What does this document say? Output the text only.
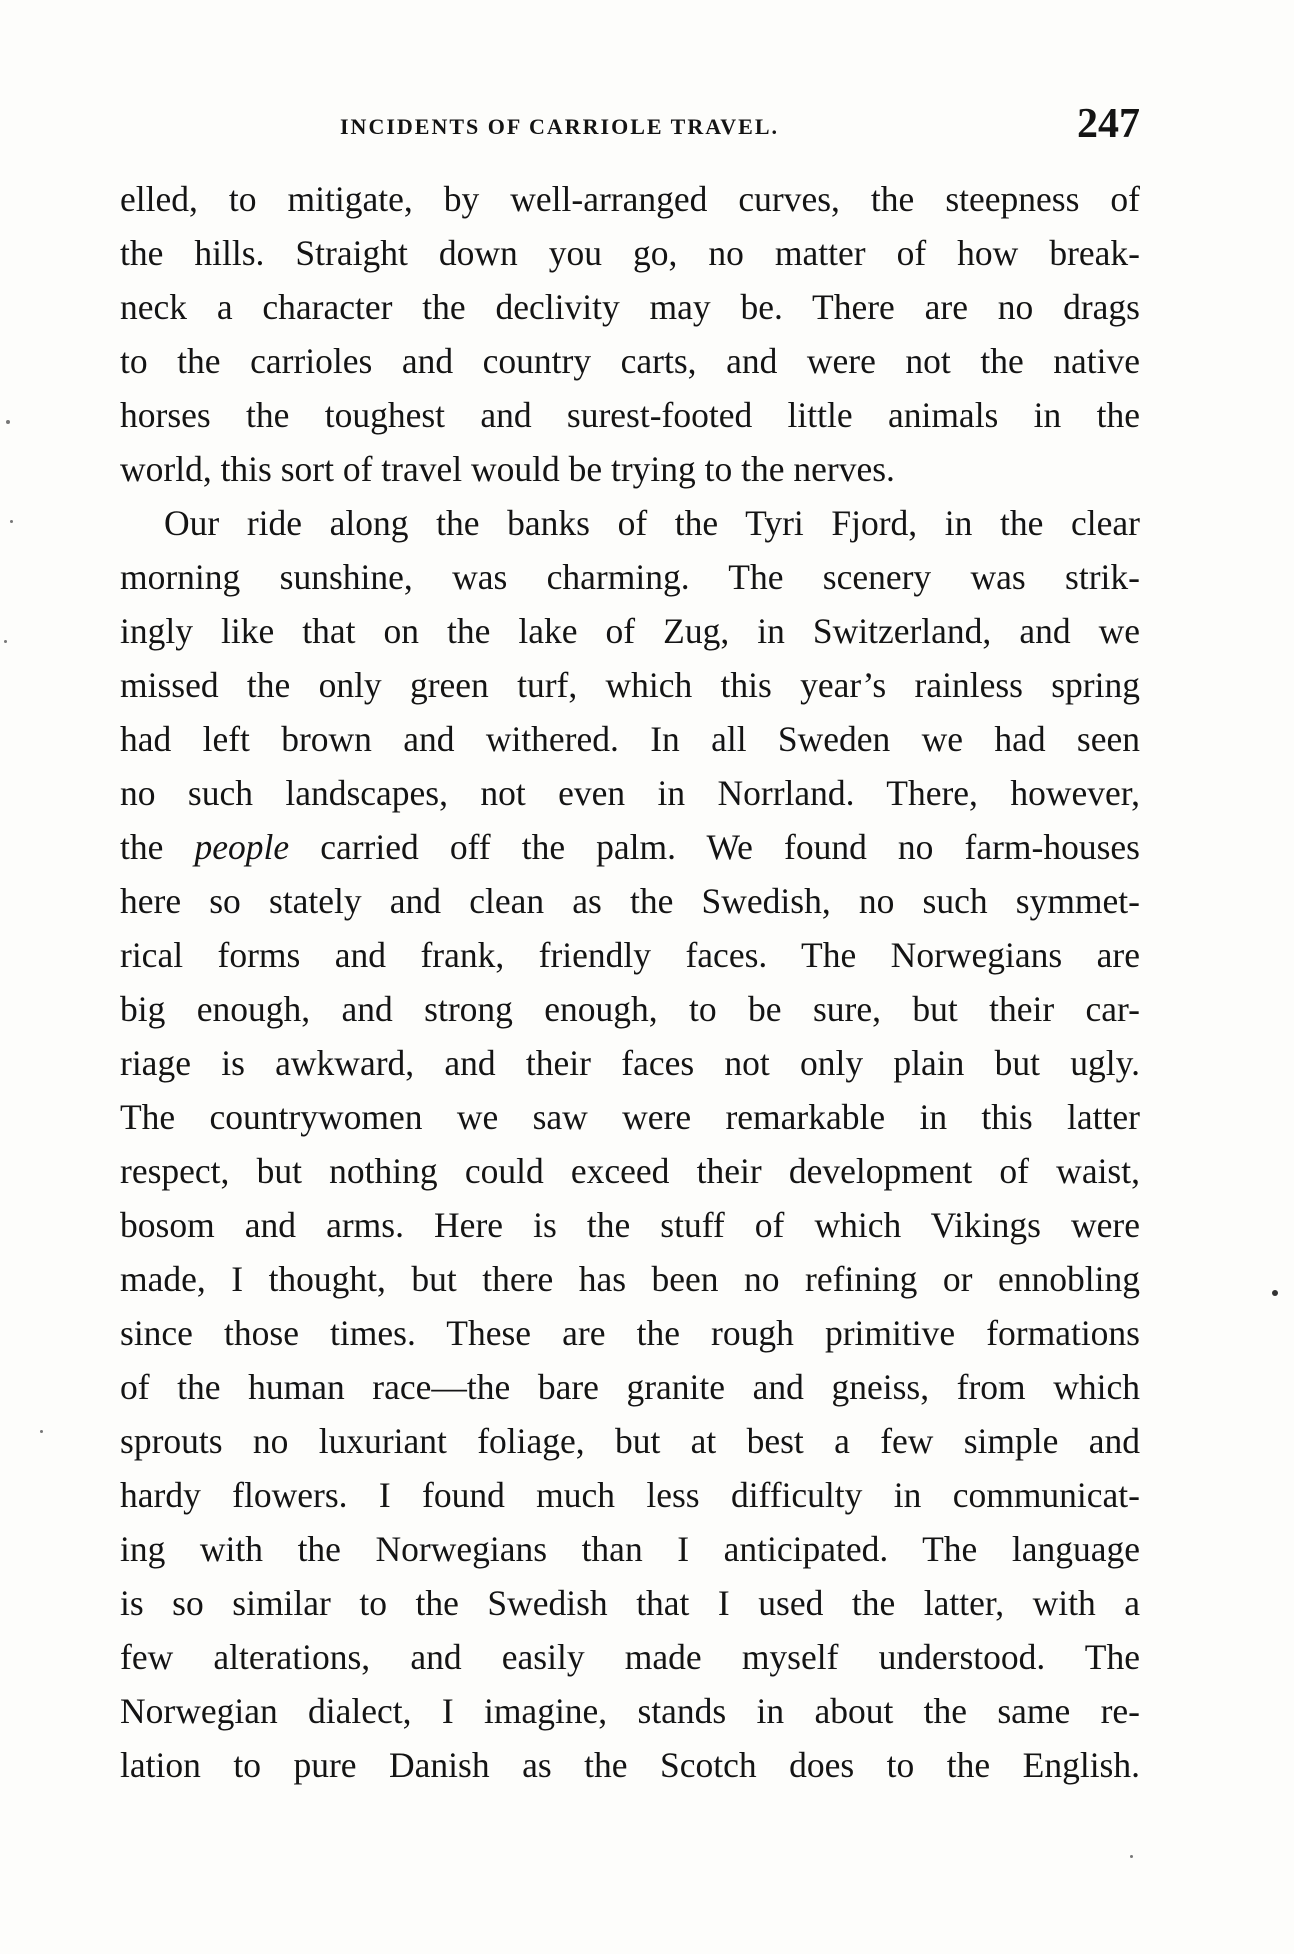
INCIDENTS OF CARRIOLE TRAVEL.	247
elled, to mitigate, by well-arranged curves, the steepness of
the hills. Straight down you go, no matter of how break-
neck a character the declivity may be. There are no drags
to the carrioles and country carts, and were not the native
horses the toughest and surest-footed little animals in the
world, this sort of travel would be trying to the nerves.
Our ride along the banks of the Tyri Fjord, in the clear
morning sunshine, was charming. The scenery was strik-
ingly like that on the lake of Zug, in Switzerland, and we
missed the only green turf, which this year’s rainless spring
had left brown and withered. In all Sweden we had seen
no such landscapes, not even in Norrland. There, however,
the people carried off the palm. We found no farm-houses
here so stately and clean as the Swedish, no such symmet-
rical forms and frank, friendly faces. The Norwegians are
big enough, and strong enough, to be sure, but their car-
riage is awkward, and their faces not only plain but ugly.
The countrywomen we saw were remarkable in this latter
respect, but nothing could exceed their development of waist,
bosom and arms. Here is the stuff of which Vikings were
made, I thought, but there has been no refining or ennobling
since those times. These are the rough primitive formations
of the human race—the bare granite and gneiss, from which
sprouts no luxuriant foliage, but at best a few simple and
hardy flowers. I found much less difficulty in communicat-
ing with the Norwegians than I anticipated. The language
is so similar to the Swedish that I used the latter, with a
few alterations, and easily made myself understood. The
Norwegian dialect, I imagine, stands in about the same re-
lation to pure Danish as the Scotch does to the English.
